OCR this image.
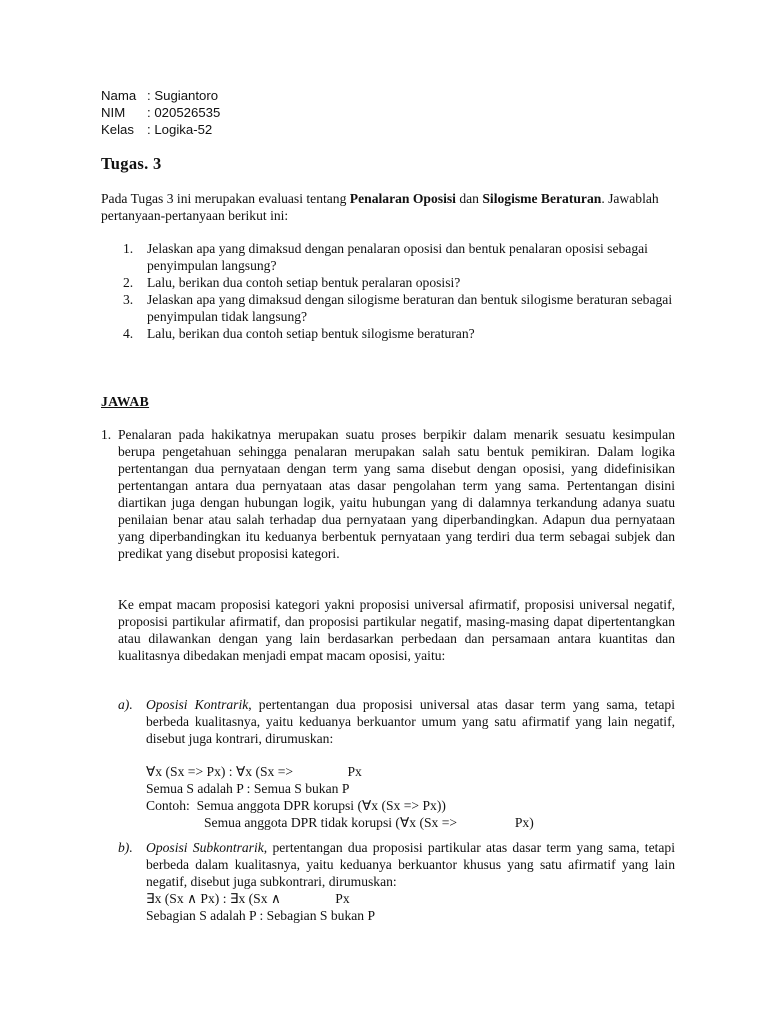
Nama : Sugiantoro
NIM	: 020526535
Kelas : Logika-52
Tugas. 3
Pada Tugas 3 ini merupakan evaluasi tentang Penalaran Oposisi dan Silogisme Beraturan. Jawablah pertanyaan-pertanyaan berikut ini:
1.	Jelaskan apa yang dimaksud dengan penalaran oposisi dan bentuk penalaran oposisi sebagai penyimpulan langsung?
2.	Lalu, berikan dua contoh setiap bentuk peralaran oposisi?
3.	Jelaskan apa yang dimaksud dengan silogisme beraturan dan bentuk silogisme beraturan sebagai penyimpulan tidak langsung?
4.	Lalu, berikan dua contoh setiap bentuk silogisme beraturan?
JAWAB
1. Penalaran pada hakikatnya merupakan suatu proses berpikir dalam menarik sesuatu kesimpulan berupa pengetahuan sehingga penalaran merupakan salah satu bentuk pemikiran. Dalam logika pertentangan dua pernyataan dengan term yang sama disebut dengan oposisi, yang didefinisikan pertentangan antara dua pernyataan atas dasar pengolahan term yang sama. Pertentangan disini diartikan juga dengan hubungan logik, yaitu hubungan yang di dalamnya terkandung adanya suatu penilaian benar atau salah terhadap dua pernyataan yang diperbandingkan. Adapun dua pernyataan yang diperbandingkan itu keduanya berbentuk pernyataan yang terdiri dua term sebagai subjek dan predikat yang disebut proposisi kategori.

Ke empat macam proposisi kategori yakni proposisi universal afirmatif, proposisi universal negatif, proposisi partikular afirmatif, dan proposisi partikular negatif, masing-masing dapat dipertentangkan atau dilawankan dengan yang lain berdasarkan perbedaan dan persamaan antara kuantitas dan kualitasnya dibedakan menjadi empat macam oposisi, yaitu:

a). Oposisi Kontrarik, pertentangan dua proposisi universal atas dasar term yang sama, tetapi berbeda kualitasnya, yaitu keduanya berkuantor umum yang satu afirmatif yang lain negatif, disebut juga kontrari, dirumuskan:
∀x (Sx => Px) : ∀x (Sx =>                Px
Semua S adalah P : Semua S bukan P
Contoh:  Semua anggota DPR korupsi (∀x (Sx => Px))
Semua anggota DPR tidak korupsi (∀x (Sx =>                 Px)
b). Oposisi Subkontrarik, pertentangan dua proposisi partikular atas dasar term yang sama, tetapi berbeda dalam kualitasnya, yaitu keduanya berkuantor khusus yang satu afirmatif yang lain negatif, disebut juga subkontrari, dirumuskan:
∃x (Sx ∧ Px) : ∃x (Sx ∧                Px
Sebagian S adalah P : Sebagian S bukan P
